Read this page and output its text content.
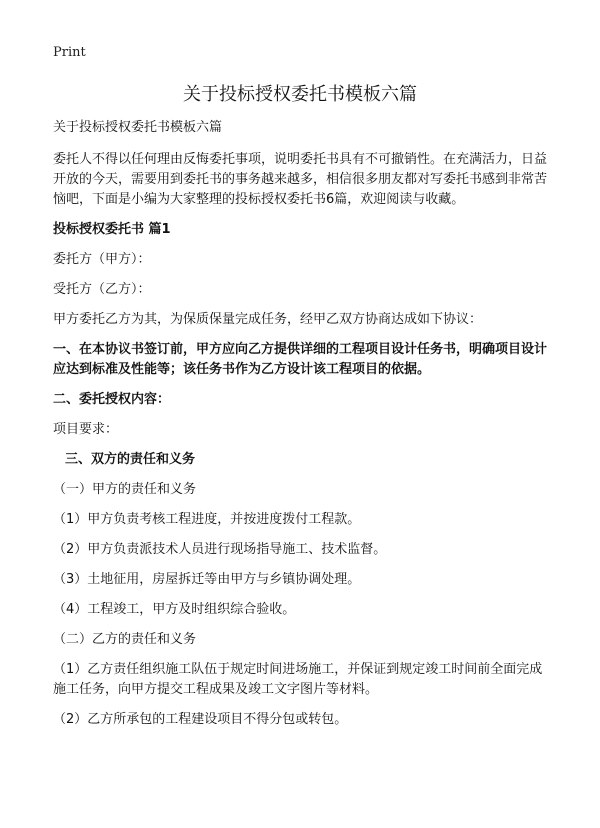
Print
关于投标授权委托书模板六篇

关于投标授权委托书模板六篇

委托人不得以任何理由反悔委托事项，说明委托书具有不可撤销性。在充满活力，日益开放的今天，需要用到委托书的事务越来越多，相信很多朋友都对写委托书感到非常苦恼吧，下面是小编为大家整理的投标授权委托书6篇，欢迎阅读与收藏。

投标授权委托书 篇1

委托方（甲方）：

受托方（乙方）：

甲方委托乙方为其，为保质保量完成任务，经甲乙双方协商达成如下协议：

一、在本协议书签订前，甲方应向乙方提供详细的工程项目设计任务书，明确项目设计应达到标准及性能等；该任务书作为乙方设计该工程项目的依据。

二、委托授权内容：

项目要求：

三、双方的责任和义务

（一）甲方的责任和义务

（1）甲方负责考核工程进度，并按进度拨付工程款。

（2）甲方负责派技术人员进行现场指导施工、技术监督。

（3）土地征用，房屋拆迁等由甲方与乡镇协调处理。

（4）工程竣工，甲方及时组织综合验收。

（二）乙方的责任和义务

（1）乙方责任组织施工队伍于规定时间进场施工，并保证到规定竣工时间前全面完成施工任务，向甲方提交工程成果及竣工文字图片等材料。

（2）乙方所承包的工程建设项目不得分包或转包。
